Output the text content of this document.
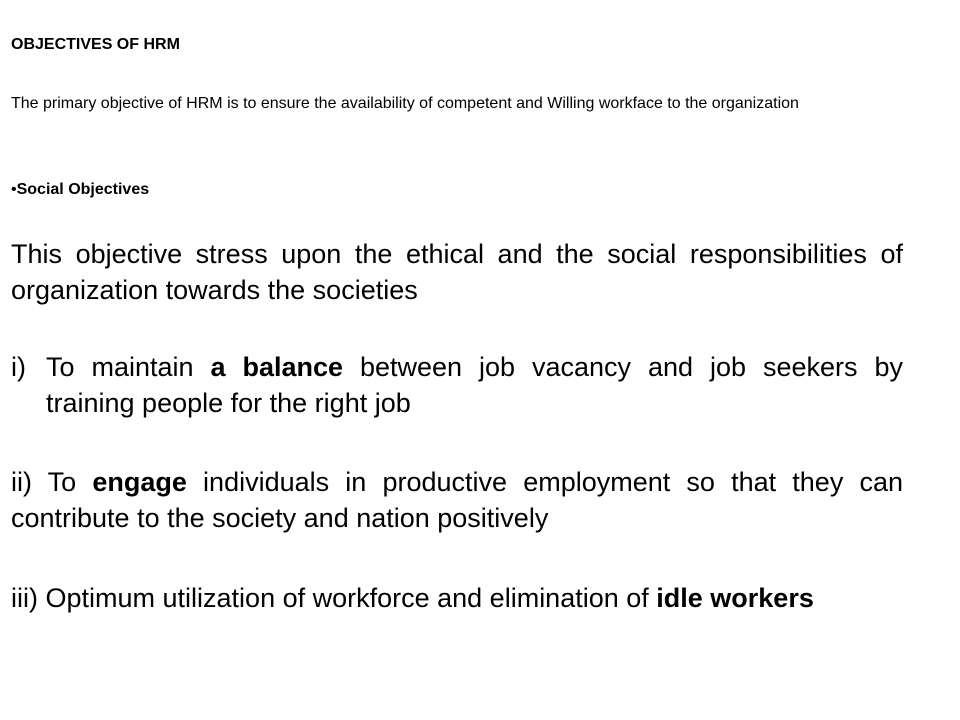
OBJECTIVES OF HRM
The primary objective of HRM is to ensure the availability of competent and Willing workface to the organization
•Social Objectives
This objective stress upon the ethical and the social responsibilities of organization towards the societies
i) To maintain a balance between job vacancy and job seekers by training people for the right job
ii) To engage individuals in productive employment so that they can contribute to the society and nation positively
iii) Optimum utilization of workforce and elimination of idle workers
